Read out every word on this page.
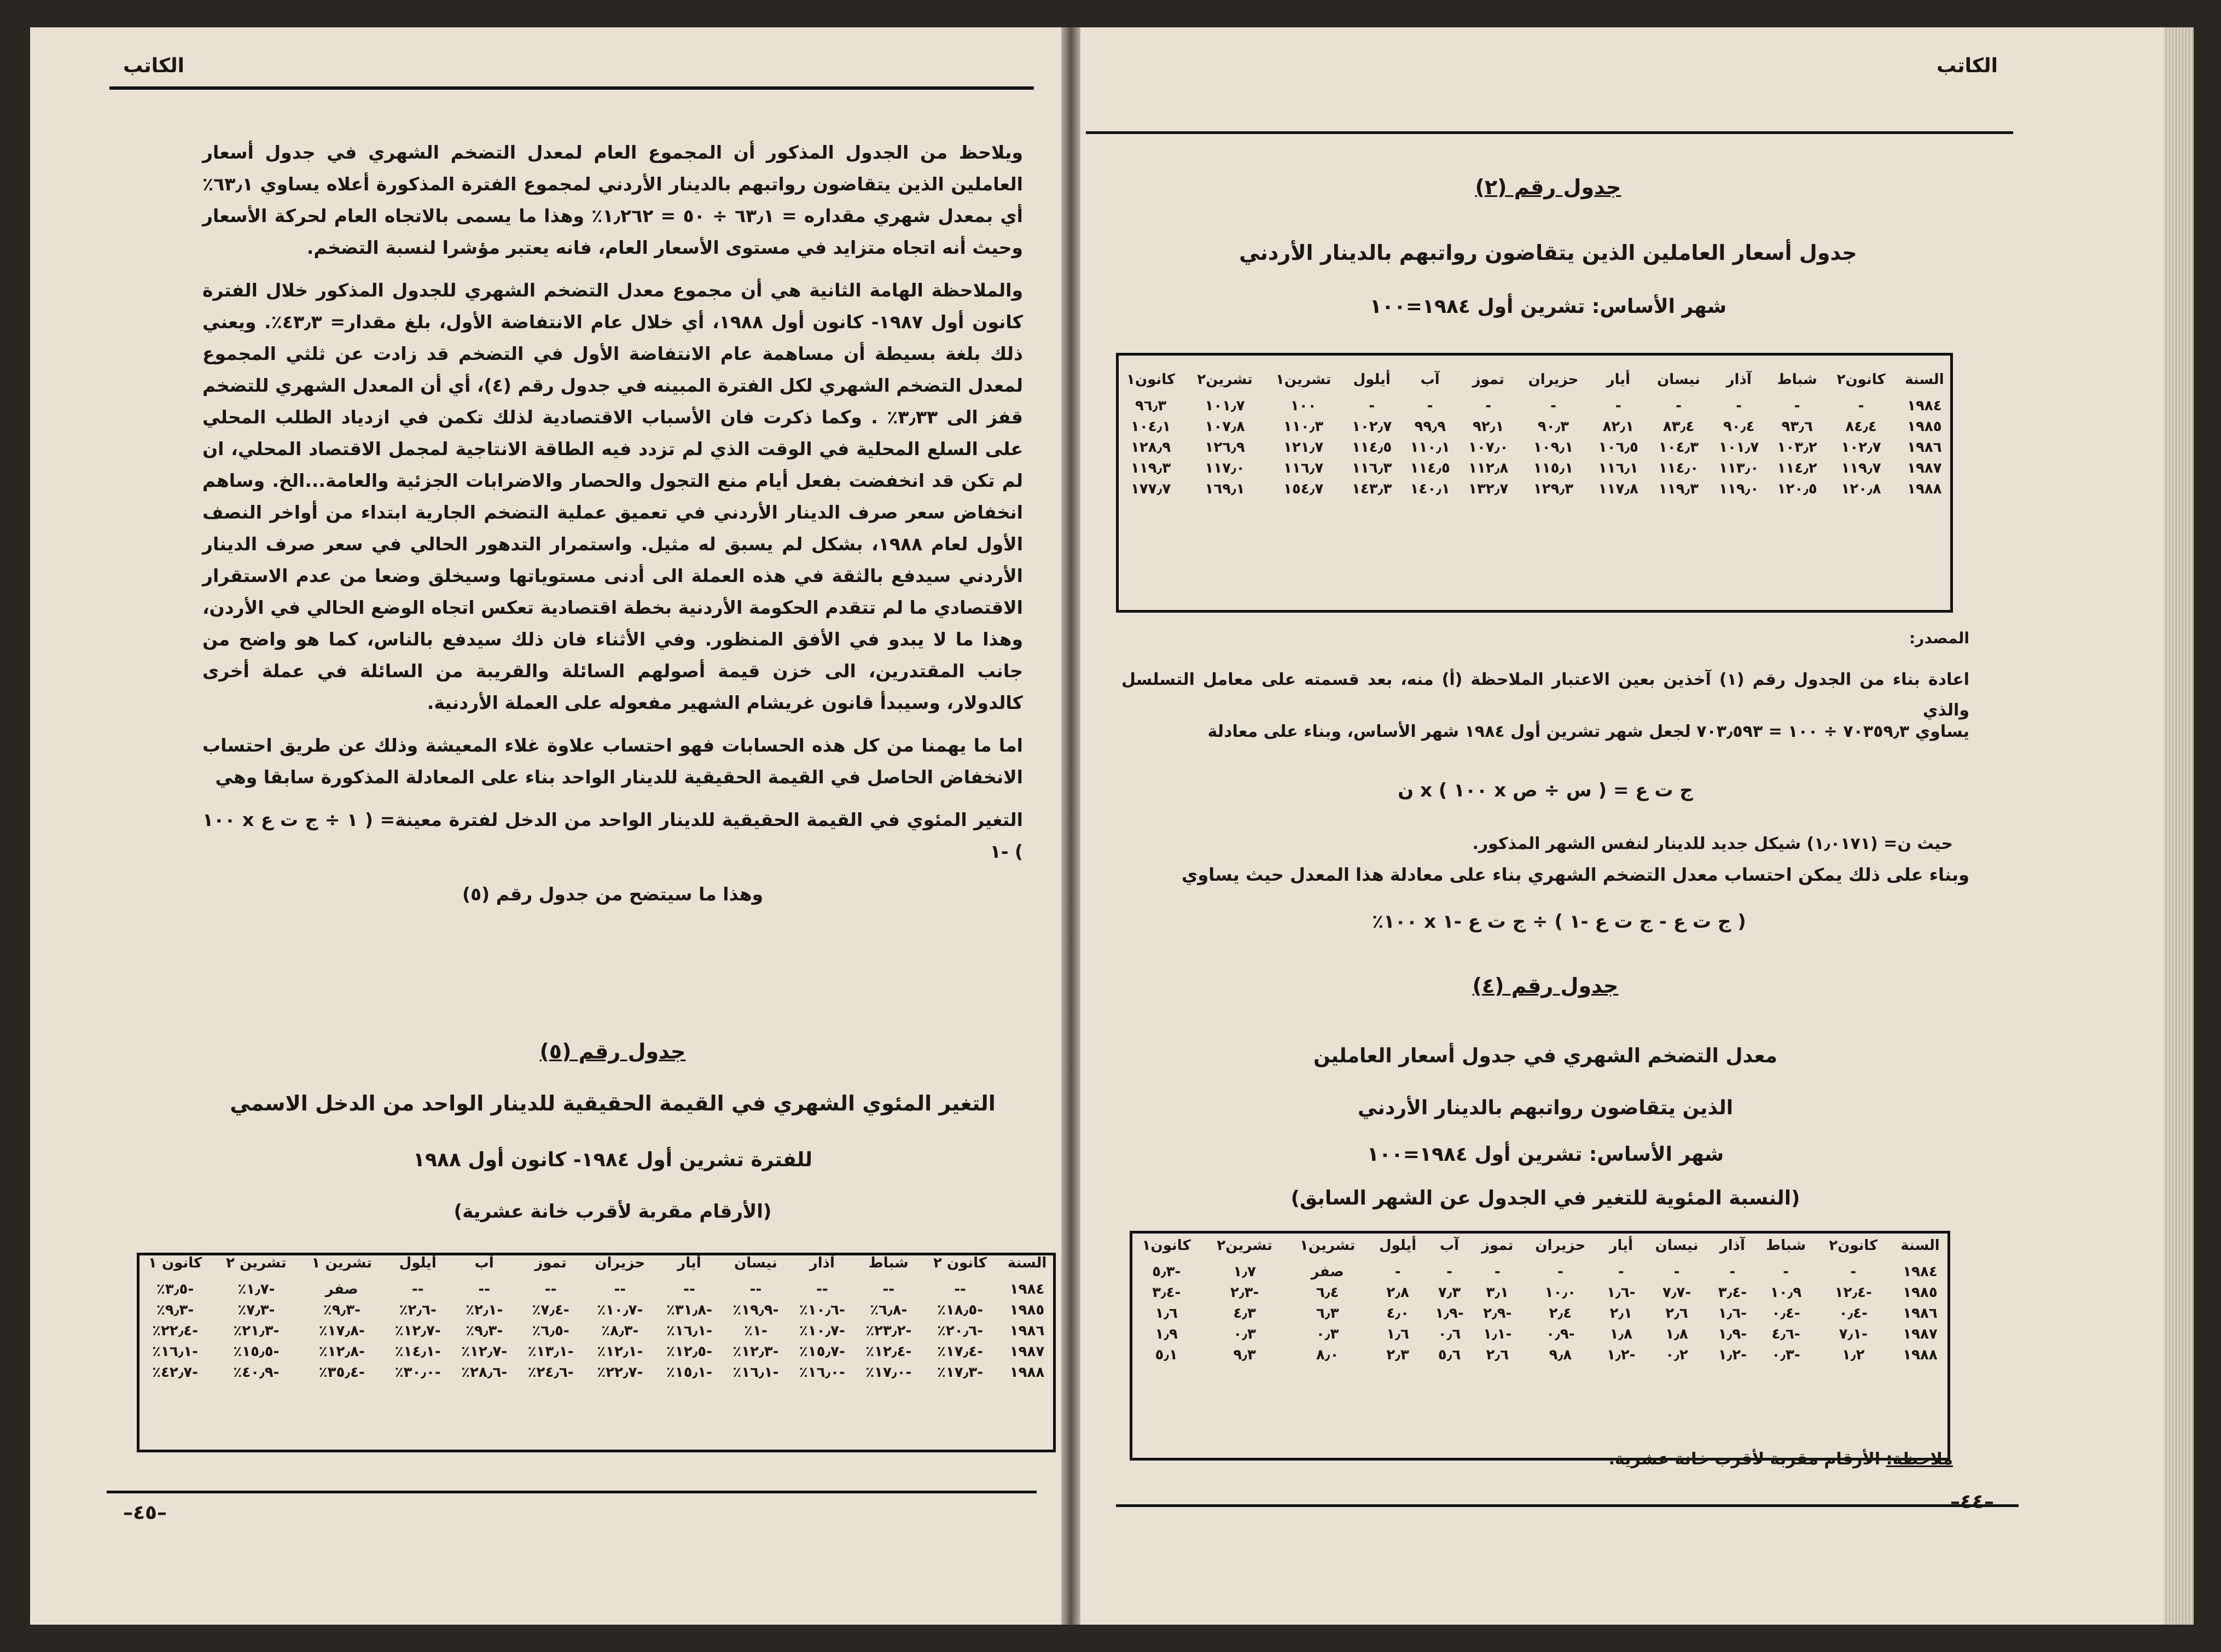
الكاتب

ويلاحظ من الجدول المذكور أن المجموع العام لمعدل التضخم الشهري في جدول أسعار العاملين الذين يتقاضون رواتبهم بالدينار الأردني لمجموع الفترة المذكورة أعلاه يساوي ٦٣٫١٪ أي بمعدل شهري مقداره = ٦٣٫١ ÷ ٥٠ = ١٫٢٦٢٪ وهذا ما يسمى بالاتجاه العام لحركة الأسعار وحيث أنه اتجاه متزايد في مستوى الأسعار العام، فانه يعتبر مؤشرا لنسبة التضخم.

والملاحظة الهامة الثانية هي أن مجموع معدل التضخم الشهري للجدول المذكور خلال الفترة كانون أول ١٩٨٧- كانون أول ١٩٨٨، أي خلال عام الانتفاضة الأول، بلغ مقدار= ٤٣٫٣٪. ويعني ذلك بلغة بسيطة أن مساهمة عام الانتفاضة الأول في التضخم قد زادت عن ثلثي المجموع لمعدل التضخم الشهري لكل الفترة المبينه في جدول رقم (٤)، أي أن المعدل الشهري للتضخم قفز الى ٣٫٣٣٪ . وكما ذكرت فان الأسباب الاقتصادية لذلك تكمن في ازدياد الطلب المحلي على السلع المحلية في الوقت الذي لم تزدد فيه الطاقة الانتاجية لمجمل الاقتصاد المحلي، ان لم تكن قد انخفضت بفعل أيام منع التجول والحصار والاضرابات الجزئية والعامة...الخ. وساهم انخفاض سعر صرف الدينار الأردني في تعميق عملية التضخم الجارية ابتداء من أواخر النصف الأول لعام ١٩٨٨، بشكل لم يسبق له مثيل. واستمرار التدهور الحالي في سعر صرف الدينار الأردني سيدفع بالثقة في هذه العملة الى أدنى مستوياتها وسيخلق وضعا من عدم الاستقرار الاقتصادي ما لم تتقدم الحكومة الأردنية بخطة اقتصادية تعكس اتجاه الوضع الحالي في الأردن، وهذا ما لا يبدو في الأفق المنظور. وفي الأثناء فان ذلك سيدفع بالناس، كما هو واضح من جانب المقتدرين، الى خزن قيمة أصولهم السائلة والقريبة من السائلة في عملة أخرى كالدولار، وسيبدأ قانون غريشام الشهير مفعوله على العملة الأردنية.

اما ما يهمنا من كل هذه الحسابات فهو احتساب علاوة غلاء المعيشة وذلك عن طريق احتساب الانخفاض الحاصل في القيمة الحقيقية للدينار الواحد بناء على المعادلة المذكورة سابقا وهي

التغير المئوي في القيمة الحقيقية للدينار الواحد من الدخل لفترة معينة= ( ١ ÷ ج ت ع x ١٠٠ ) -١

وهذا ما سيتضح من جدول رقم (٥)

جدول رقم (٥)
التغير المئوي الشهري في القيمة الحقيقية للدينار الواحد من الدخل الاسمي
للفترة تشرين أول ١٩٨٤- كانون أول ١٩٨٨
(الأرقام مقربة لأقرب خانة عشرية)
السنة	كانون ٢	شباط	آذار	نيسان	أيار	حزيران	تموز	آب	أيلول	تشرين ١	تشرين ٢	كانون ١
١٩٨٤	--	--	--	--	--	--	--	--	--	صفر	-١٫٧٪	-٣٫٥٪
١٩٨٥	-١٨٫٥٪	-٦٫٨٪	-١٠٫٦٪	-١٩٫٩٪	-٣١٫٨٪	-١٠٫٧٪	-٧٫٤٪	-٢٫١٪	-٢٫٦٪	-٩٫٣٪	-٧٫٣٪	-٩٫٣٪
١٩٨٦	-٢٠٫٦٪	-٢٣٫٢٪	-١٠٫٧٪	-١٪	-١٦٫١٪	-٨٫٣٪	-٦٫٥٪	-٩٫٣٪	-١٢٫٧٪	-١٧٫٨٪	-٢١٫٣٪	-٢٢٫٤٪
١٩٨٧	-١٧٫٤٪	-١٢٫٤٪	-١٥٫٧٪	-١٢٫٣٪	-١٢٫٥٪	-١٢٫١٪	-١٣٫١٪	-١٢٫٧٪	-١٤٫١٪	-١٢٫٨٪	-١٥٫٥٪	-١٦٫١٪
١٩٨٨	-١٧٫٣٪	-١٧٫٠٪	-١٦٫٠٪	-١٦٫١٪	-١٥٫١٪	-٢٢٫٧٪	-٢٤٫٦٪	-٢٨٫٦٪	-٣٠٫٠٪	-٣٥٫٤٪	-٤٠٫٩٪	-٤٢٫٧٪
–٤٥–
الكاتب
جدول رقم (٢)
جدول أسعار العاملين الذين يتقاضون رواتبهم بالدينار الأردني
شهر الأساس: تشرين أول ١٩٨٤=١٠٠
السنة	كانون٢	شباط	آذار	نيسان	أيار	حزيران	تموز	آب	أيلول	تشرين١	تشرين٢	كانون١
١٩٨٤	-	-	-	-	-	-	-	-	-	١٠٠	١٠١٫٧	٩٦٫٣
١٩٨٥	٨٤٫٤	٩٣٫٦	٩٠٫٤	٨٣٫٤	٨٢٫١	٩٠٫٣	٩٢٫١	٩٩٫٩	١٠٢٫٧	١١٠٫٣	١٠٧٫٨	١٠٤٫١
١٩٨٦	١٠٢٫٧	١٠٣٫٢	١٠١٫٧	١٠٤٫٣	١٠٦٫٥	١٠٩٫١	١٠٧٫٠	١١٠٫١	١١٤٫٥	١٢١٫٧	١٢٦٫٩	١٢٨٫٩
١٩٨٧	١١٩٫٧	١١٤٫٢	١١٣٫٠	١١٤٫٠	١١٦٫١	١١٥٫١	١١٢٫٨	١١٤٫٥	١١٦٫٣	١١٦٫٧	١١٧٫٠	١١٩٫٣
١٩٨٨	١٢٠٫٨	١٢٠٫٥	١١٩٫٠	١١٩٫٣	١١٧٫٨	١٢٩٫٣	١٣٢٫٧	١٤٠٫١	١٤٣٫٣	١٥٤٫٧	١٦٩٫١	١٧٧٫٧

المصدر:
اعادة بناء من الجدول رقم (١) آخذين بعين الاعتبار الملاحظة (أ) منه، بعد قسمته على معامل التسلسل والذي
يساوي ٧٠٣٥٩٫٣ ÷ ١٠٠ = ٧٠٣٫٥٩٣ لجعل شهر تشرين أول ١٩٨٤ شهر الأساس، وبناء على معادلة
ج ت ع = ( س ÷ ص x ١٠٠ ) x ن
حيث ن= (١٫٠١٧١) شيكل جديد للدينار لنفس الشهر المذكور.
وبناء على ذلك يمكن احتساب معدل التضخم الشهري بناء على معادلة هذا المعدل حيث يساوي
( ج ت ع - ج ت ع -١ ) ÷ ج ت ع -١ x ١٠٠٪
جدول رقم (٤)
معدل التضخم الشهري في جدول أسعار العاملين
الذين يتقاضون رواتبهم بالدينار الأردني
شهر الأساس: تشرين أول ١٩٨٤=١٠٠
(النسبة المئوية للتغير في الجدول عن الشهر السابق)
السنة	كانون٢	شباط	آذار	نيسان	أيار	حزيران	تموز	آب	أيلول	تشرين١	تشرين٢	كانون١
١٩٨٤	-	-	-	-	-	-	-	-	-	صفر	١٫٧	-٥٫٣
١٩٨٥	-١٢٫٤	١٠٫٩	-٣٫٤	-٧٫٧	-١٫٦	١٠٫٠	٣٫١	٧٫٣	٢٫٨	٦٫٤	-٢٫٣	-٣٫٤
١٩٨٦	-٠٫٤	-٠٫٤	-١٫٦	٢٫٦	٢٫١	٢٫٤	-٢٫٩	-١٫٩	٤٫٠	٦٫٣	٤٫٣	١٫٦
١٩٨٧	-٧٫١	-٤٫٦	-١٫٩	١٫٨	١٫٨	-٠٫٩	-١٫١	٠٫٦	١٫٦	٠٫٣	٠٫٣	١٫٩
١٩٨٨	١٫٢	-٠٫٣	-١٫٢	٠٫٢	-١٫٢	٩٫٨	٢٫٦	٥٫٦	٢٫٣	٨٫٠	٩٫٣	٥٫١
ملاحظة: الأرقام مقربة لأقرب خانة عشرية.
–٤٤–
